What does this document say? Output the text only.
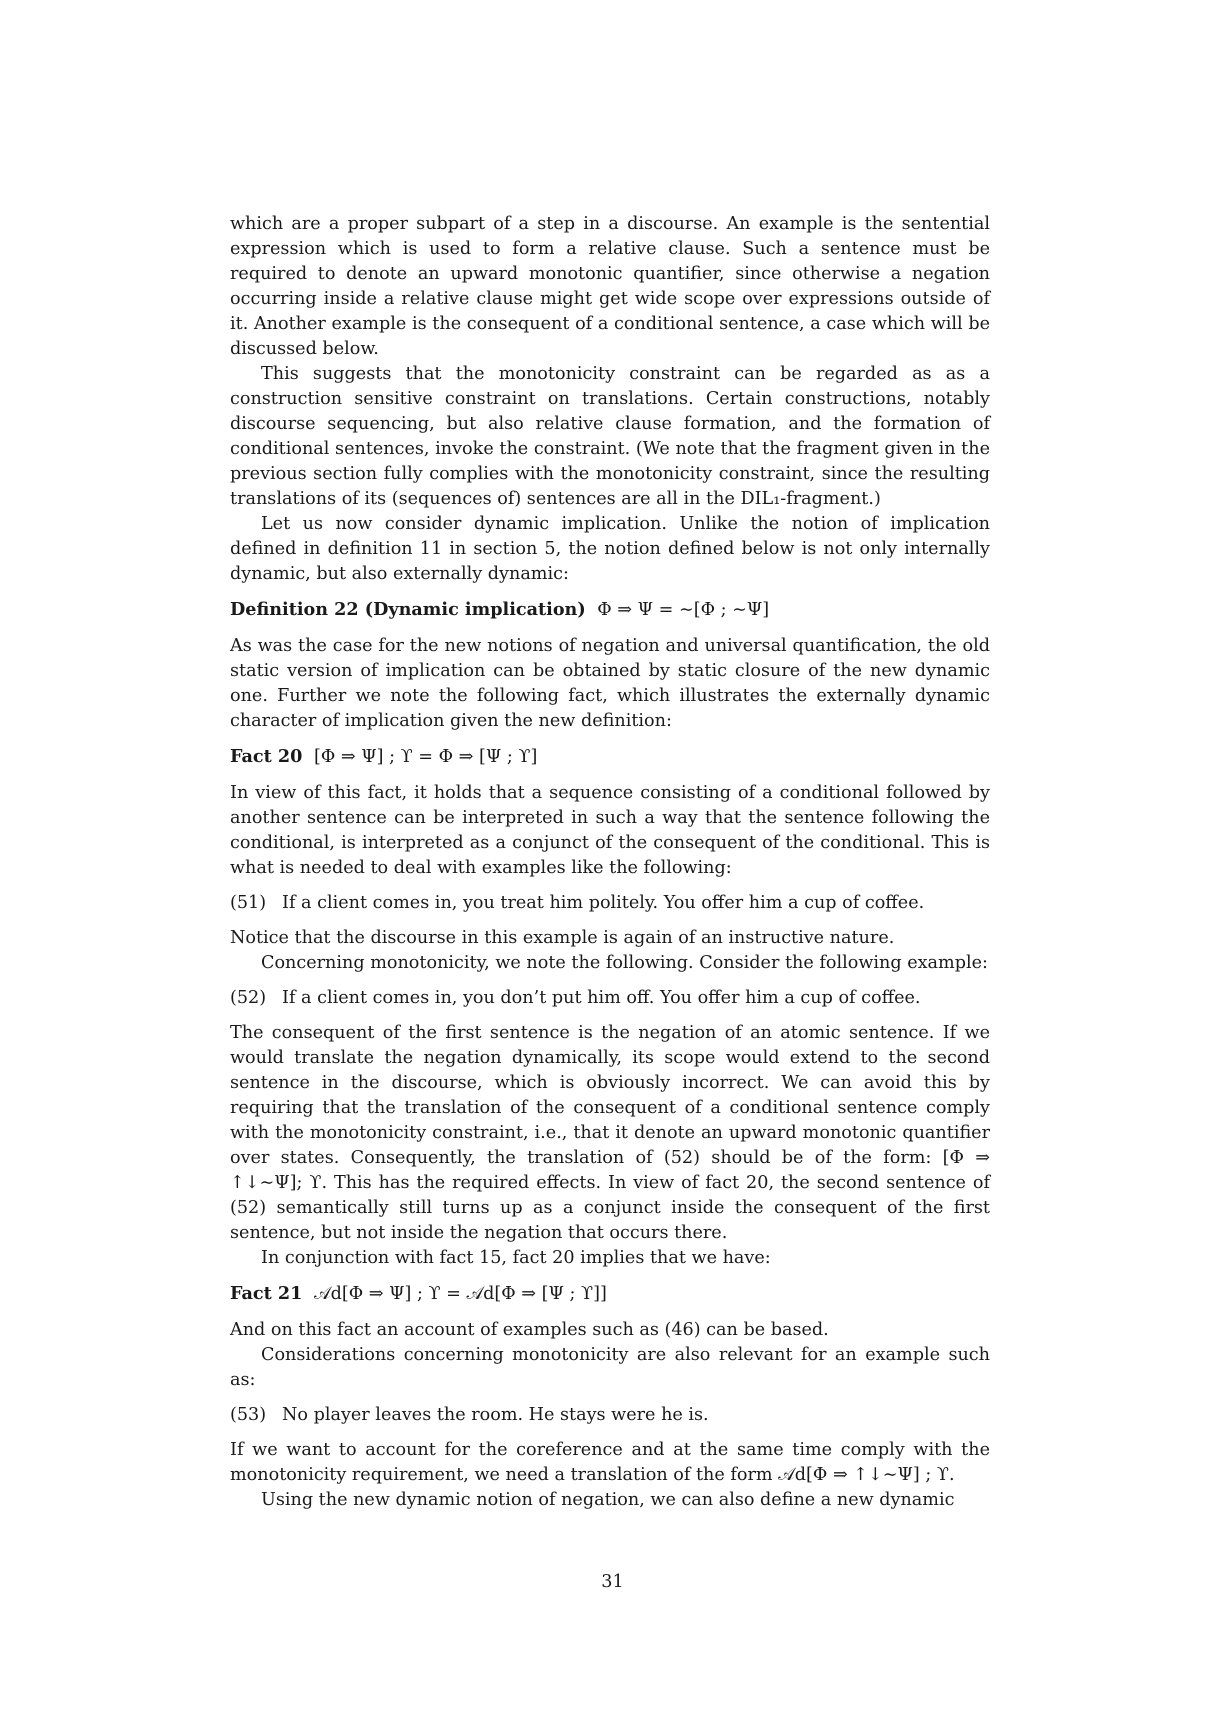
which are a proper subpart of a step in a discourse. An example is the sentential expression which is used to form a relative clause. Such a sentence must be required to denote an upward monotonic quantifier, since otherwise a negation occurring inside a relative clause might get wide scope over expressions outside of it. Another example is the consequent of a conditional sentence, a case which will be discussed below.

This suggests that the monotonicity constraint can be regarded as as a construction sensitive constraint on translations. Certain constructions, notably discourse sequencing, but also relative clause formation, and the formation of conditional sentences, invoke the constraint. (We note that the fragment given in the previous section fully complies with the monotonicity constraint, since the resulting translations of its (sequences of) sentences are all in the DIL₁-fragment.)

Let us now consider dynamic implication. Unlike the notion of implication defined in definition 11 in section 5, the notion defined below is not only internally dynamic, but also externally dynamic:

Definition 22 (Dynamic implication) Φ ⇒ Ψ = ∼[Φ ; ∼Ψ]

As was the case for the new notions of negation and universal quantification, the old static version of implication can be obtained by static closure of the new dynamic one. Further we note the following fact, which illustrates the externally dynamic character of implication given the new definition:

Fact 20 [Φ ⇒ Ψ] ; ϒ = Φ ⇒ [Ψ ; ϒ]

In view of this fact, it holds that a sequence consisting of a conditional followed by another sentence can be interpreted in such a way that the sentence following the conditional, is interpreted as a conjunct of the consequent of the conditional. This is what is needed to deal with examples like the following:

(51) If a client comes in, you treat him politely. You offer him a cup of coffee.

Notice that the discourse in this example is again of an instructive nature.

Concerning monotonicity, we note the following. Consider the following example:

(52) If a client comes in, you don’t put him off. You offer him a cup of coffee.

The consequent of the first sentence is the negation of an atomic sentence. If we would translate the negation dynamically, its scope would extend to the second sentence in the discourse, which is obviously incorrect. We can avoid this by requiring that the translation of the consequent of a conditional sentence comply with the monotonicity constraint, i.e., that it denote an upward monotonic quantifier over states. Consequently, the translation of (52) should be of the form: [Φ ⇒ ↑↓∼Ψ]; ϒ. This has the required effects. In view of fact 20, the second sentence of (52) semantically still turns up as a conjunct inside the consequent of the first sentence, but not inside the negation that occurs there.

In conjunction with fact 15, fact 20 implies that we have:

Fact 21 𝒜d[Φ ⇒ Ψ] ; ϒ = 𝒜d[Φ ⇒ [Ψ ; ϒ]]

And on this fact an account of examples such as (46) can be based.

Considerations concerning monotonicity are also relevant for an example such as:

(53) No player leaves the room. He stays were he is.

If we want to account for the coreference and at the same time comply with the monotonicity requirement, we need a translation of the form 𝒜d[Φ ⇒ ↑↓∼Ψ] ; ϒ.

Using the new dynamic notion of negation, we can also define a new dynamic

31
